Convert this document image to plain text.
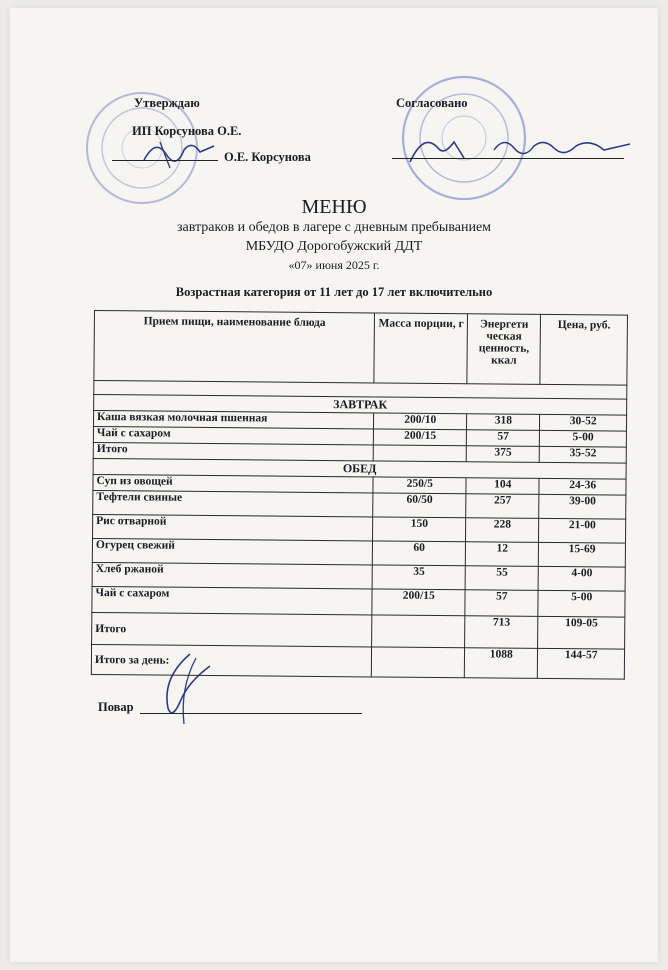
Утверждаю
ИП Корсунова О.Е.
О.Е. Корсунова
Согласовано
МЕНЮ
завтраков и обедов в лагере с дневным пребыванием
МБУДО Дорогобужский ДДТ
«07» июня 2025 г.
Возрастная категория от 11 лет до 17 лет включительно
Прием пищи, наименование блюда	Масса порции, г	Энергети ческая ценность, ккал	Цена, руб.

ЗАВТРАК			
Каша вязкая молочная пшенная	200/10	318	30-52
Чай с сахаром	200/15	57	5-00
Итого		375	35-52
ОБЕД			
Суп из овощей	250/5	104	24-36
Тефтели свиные	60/50	257	39-00
Рис отварной	150	228	21-00
Огурец свежий	60	12	15-69
Хлеб ржаной	35	55	4-00
Чай с сахаром	200/15	57	5-00
Итого		713	109-05
Итого за день:		1088	144-57
Повар
